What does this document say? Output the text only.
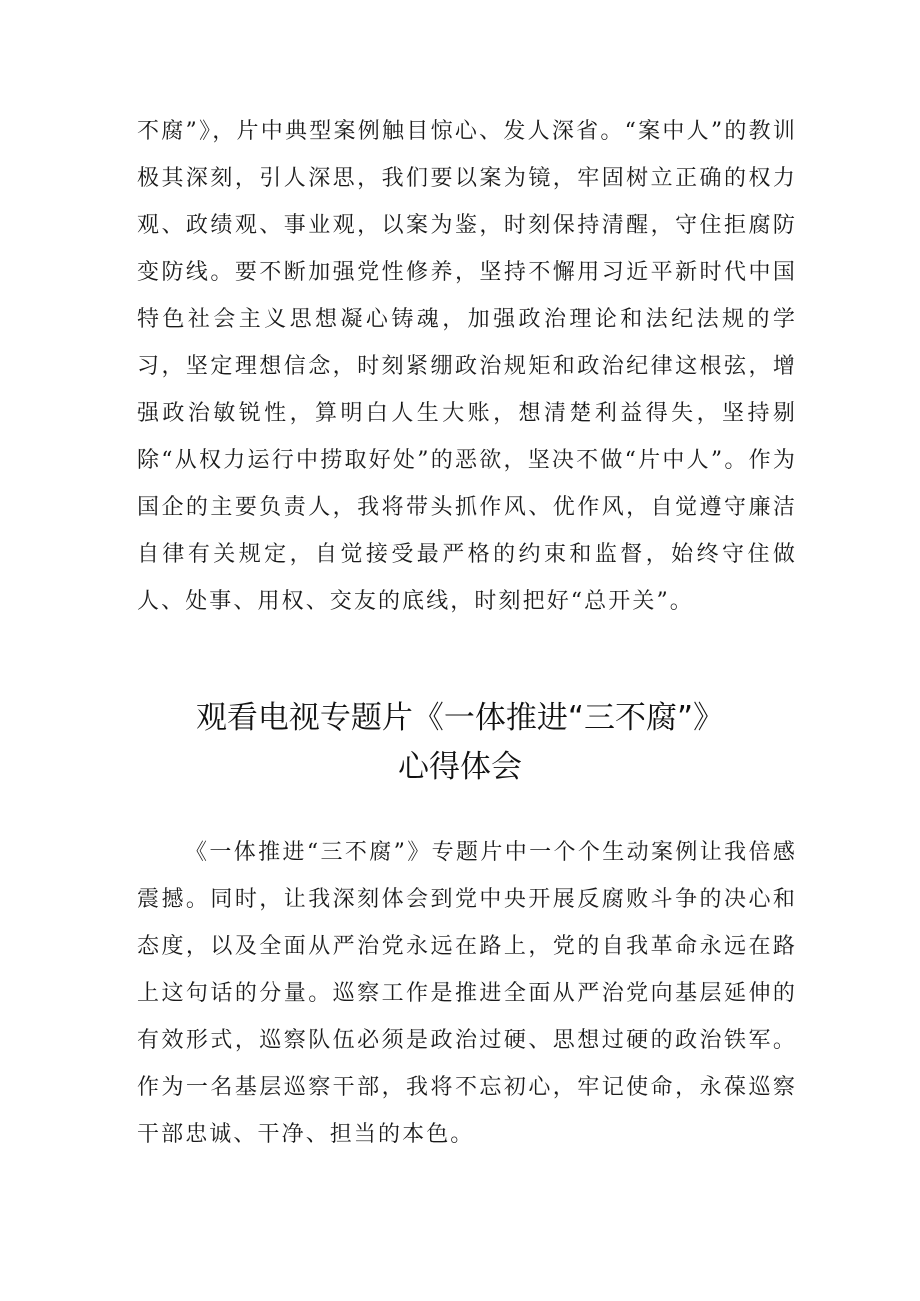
不腐”》，片中典型案例触目惊心、发人深省。“案中人”的教训极其深刻，引人深思，我们要以案为镜，牢固树立正确的权力观、政绩观、事业观，以案为鉴，时刻保持清醒，守住拒腐防变防线。要不断加强党性修养，坚持不懈用习近平新时代中国特色社会主义思想凝心铸魂，加强政治理论和法纪法规的学习，坚定理想信念，时刻紧绷政治规矩和政治纪律这根弦，增强政治敏锐性，算明白人生大账，想清楚利益得失，坚持剔除“从权力运行中捞取好处”的恶欲，坚决不做“片中人”。作为国企的主要负责人，我将带头抓作风、优作风，自觉遵守廉洁自律有关规定，自觉接受最严格的约束和监督，始终守住做人、处事、用权、交友的底线，时刻把好“总开关”。

观看电视专题片《一体推进“三不腐”》
心得体会

《一体推进“三不腐”》专题片中一个个生动案例让我倍感震撼。同时，让我深刻体会到党中央开展反腐败斗争的决心和态度，以及全面从严治党永远在路上，党的自我革命永远在路上这句话的分量。巡察工作是推进全面从严治党向基层延伸的有效形式，巡察队伍必须是政治过硬、思想过硬的政治铁军。作为一名基层巡察干部，我将不忘初心，牢记使命，永葆巡察干部忠诚、干净、担当的本色。
